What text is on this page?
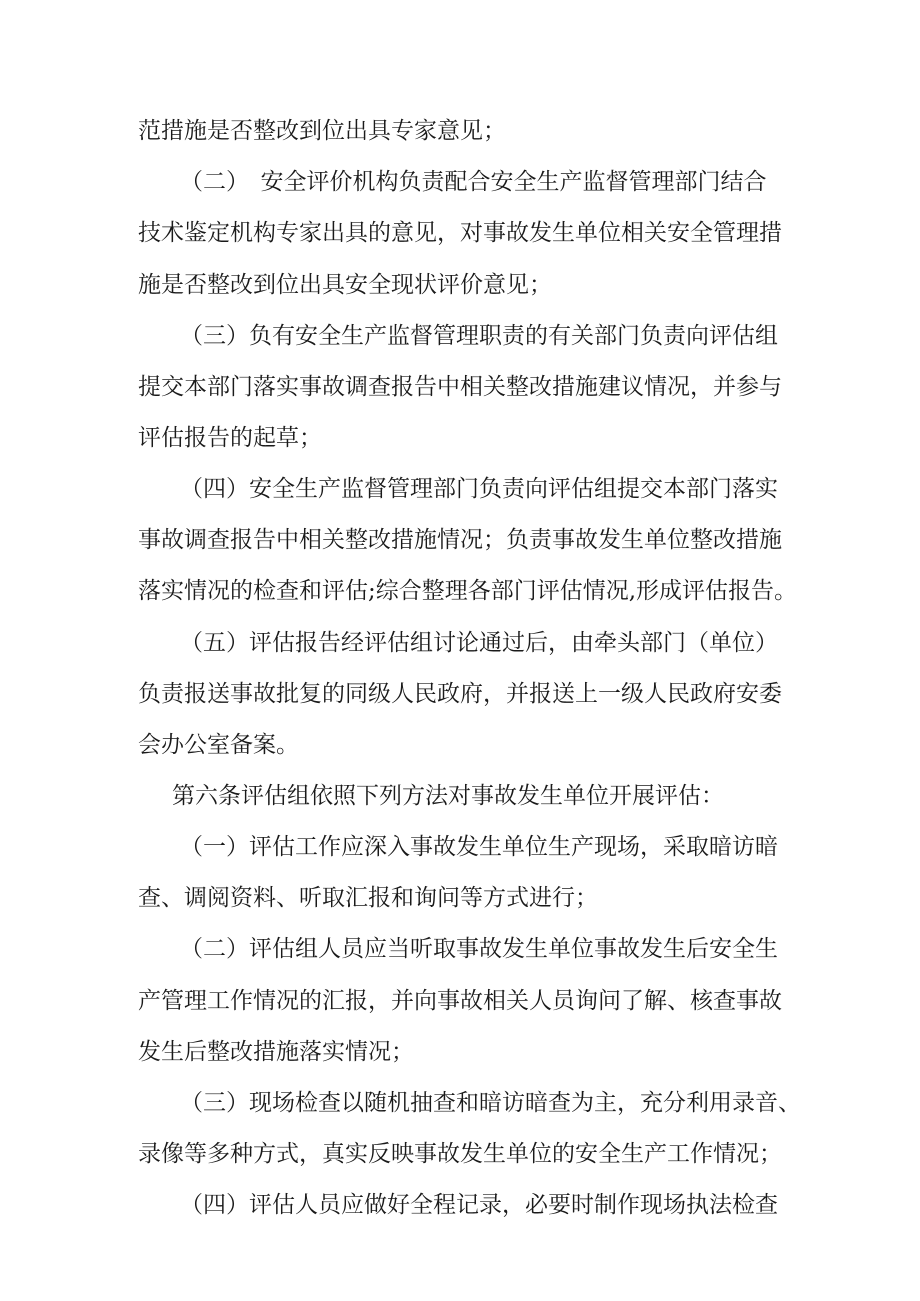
范措施是否整改到位出具专家意见；

（二）　安全评价机构负责配合安全生产监督管理部门结合

技术鉴定机构专家出具的意见，对事故发生单位相关安全管理措

施是否整改到位出具安全现状评价意见；

（三）负有安全生产监督管理职责的有关部门负责向评估组

提交本部门落实事故调查报告中相关整改措施建议情况，并参与

评估报告的起草；

（四）安全生产监督管理部门负责向评估组提交本部门落实

事故调查报告中相关整改措施情况；负责事故发生单位整改措施

落实情况的检查和评估;综合整理各部门评估情况,形成评估报告。

（五）评估报告经评估组讨论通过后，由牵头部门（单位）

负责报送事故批复的同级人民政府，并报送上一级人民政府安委

会办公室备案。

第六条评估组依照下列方法对事故发生单位开展评估：

（一）评估工作应深入事故发生单位生产现场，采取暗访暗

查、调阅资料、听取汇报和询问等方式进行；

（二）评估组人员应当听取事故发生单位事故发生后安全生

产管理工作情况的汇报，并向事故相关人员询问了解、核查事故

发生后整改措施落实情况；

（三）现场检查以随机抽查和暗访暗查为主，充分利用录音、

录像等多种方式，真实反映事故发生单位的安全生产工作情况；

（四）评估人员应做好全程记录，必要时制作现场执法检查
